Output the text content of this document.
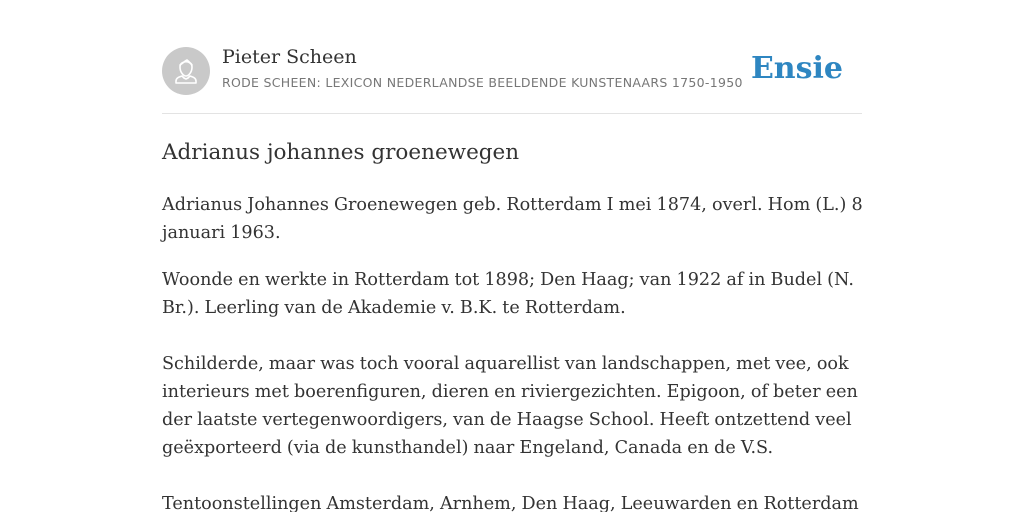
Pieter Scheen
RODE SCHEEN: LEXICON NEDERLANDSE BEELDENDE KUNSTENAARS 1750-1950 Ensie
Adrianus johannes groenewegen

Adrianus Johannes Groenewegen geb. Rotterdam I mei 1874, overl. Hom (L.) 8 januari 1963.

Woonde en werkte in Rotterdam tot 1898; Den Haag; van 1922 af in Budel (N. Br.). Leerling van de Akademie v. B.K. te Rotterdam.

Schilderde, maar was toch vooral aquarellist van landschappen, met vee, ook interieurs met boerenfiguren, dieren en riviergezichten. Epigoon, of beter een der laatste vertegenwoordigers, van de Haagse School. Heeft ontzettend veel geëxporteerd (via de kunsthandel) naar Engeland, Canada en de V.S.

Tentoonstellingen Amsterdam, Arnhem, Den Haag, Leeuwarden en Rotterdam
